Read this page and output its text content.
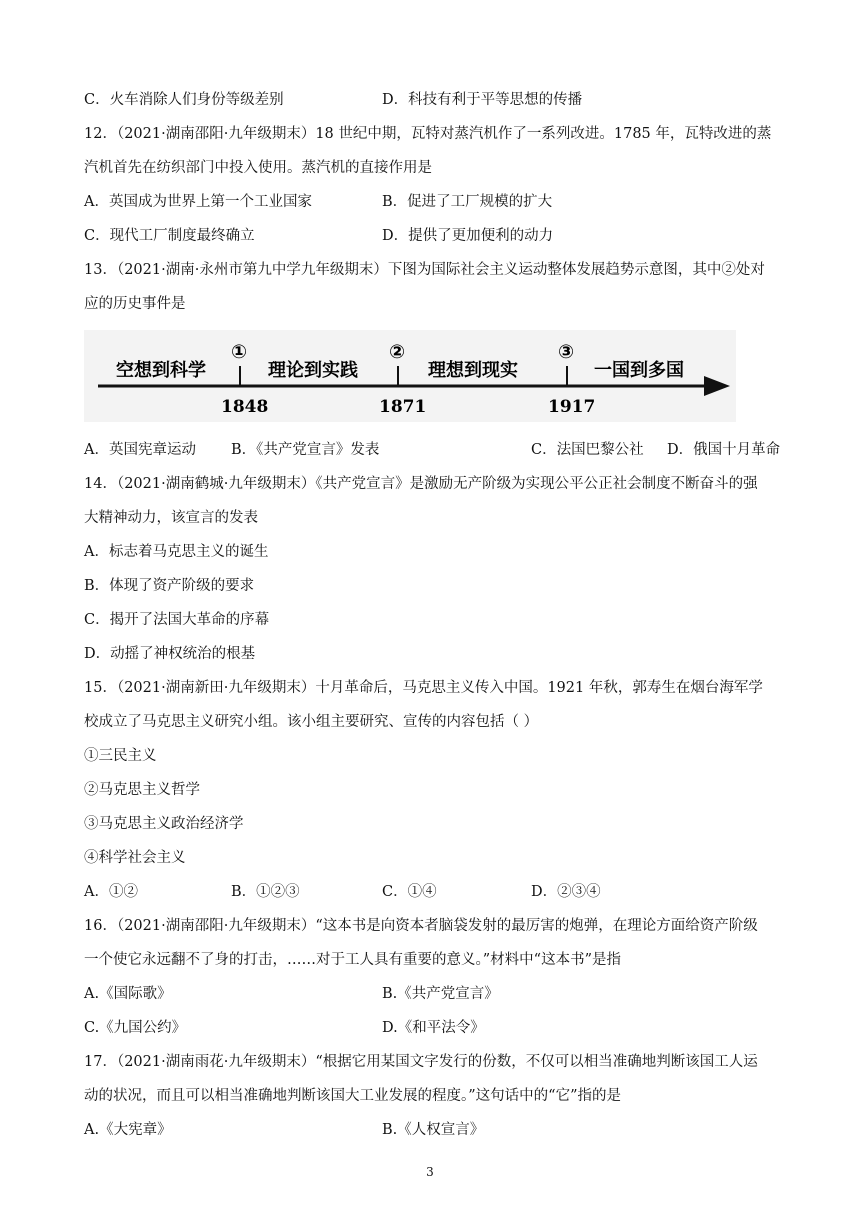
C．火车消除人们身份等级差别	D．科技有利于平等思想的传播
12．（2021·湖南邵阳·九年级期末）18 世纪中期，瓦特对蒸汽机作了一系列改进。1785 年，瓦特改进的蒸
汽机首先在纺织部门中投入使用。蒸汽机的直接作用是
A．英国成为世界上第一个工业国家	B．促进了工厂规模的扩大
C．现代工厂制度最终确立	D．提供了更加便利的动力
13．（2021·湖南·永州市第九中学九年级期末）下图为国际社会主义运动整体发展趋势示意图，其中②处对
应的历史事件是
空想到科学	理论到实践	理想到现实	一国到多国
①	②	③
1848	1871	1917
A．英国宪章运动 B．《共产党宣言》发表	C．法国巴黎公社 D．俄国十月革命
14．（2021·湖南鹤城·九年级期末）《共产党宣言》是激励无产阶级为实现公平公正社会制度不断奋斗的强
大精神动力，该宣言的发表
A．标志着马克思主义的诞生
B．体现了资产阶级的要求
C．揭开了法国大革命的序幕
D．动摇了神权统治的根基
15．（2021·湖南新田·九年级期末）十月革命后，马克思主义传入中国。1921 年秋，郭寿生在烟台海军学
校成立了马克思主义研究小组。该小组主要研究、宣传的内容包括（ ）
①三民主义
②马克思主义哲学
③马克思主义政治经济学
④科学社会主义
A．①②	B．①②③	C．①④	D．②③④
16．（2021·湖南邵阳·九年级期末）“这本书是向资本者脑袋发射的最厉害的炮弹，在理论方面给资产阶级
一个使它永远翻不了身的打击，……对于工人具有重要的意义。”材料中“这本书”是指
A.《国际歌》	B.《共产党宣言》
C.《九国公约》	D.《和平法令》
17．（2021·湖南雨花·九年级期末）“根据它用某国文字发行的份数，不仅可以相当准确地判断该国工人运
动的状况，而且可以相当准确地判断该国大工业发展的程度。”这句话中的“它”指的是
A.《大宪章》	B.《人权宣言》
3
